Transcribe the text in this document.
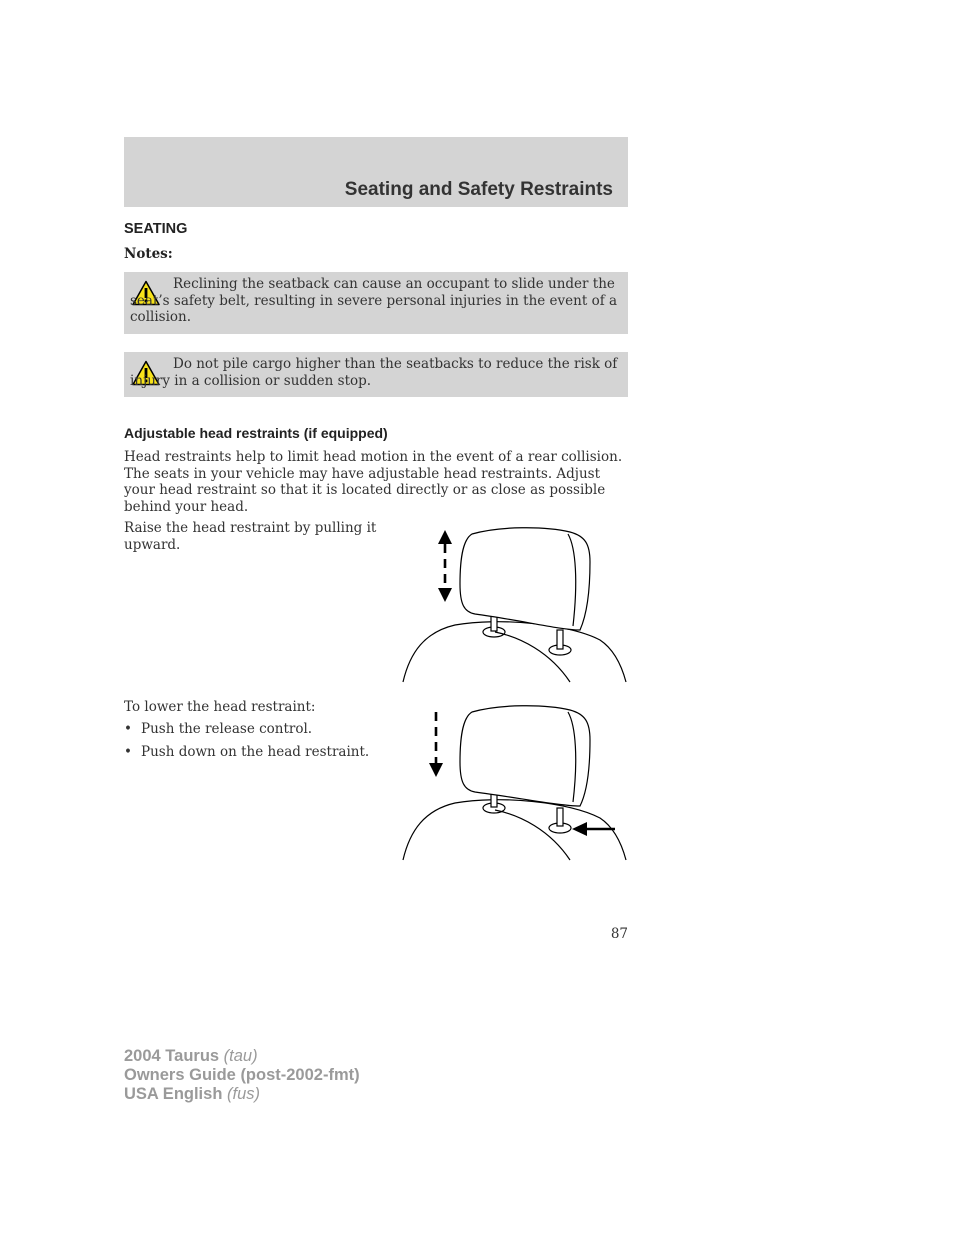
Seating and Safety Restraints
SEATING
Notes:
Reclining the seatback can cause an occupant to slide under the seat’s safety belt, resulting in severe personal injuries in the event of a collision.
Do not pile cargo higher than the seatbacks to reduce the risk of injury in a collision or sudden stop.
Adjustable head restraints (if equipped)
Head restraints help to limit head motion in the event of a rear collision. The seats in your vehicle may have adjustable head restraints. Adjust your head restraint so that it is located directly or as close as possible behind your head.
Raise the head restraint by pulling it upward.
To lower the head restraint:
• Push the release control.
• Push down on the head restraint.
87
2004 Taurus (tau)
Owners Guide (post-2002-fmt)
USA English (fus)
